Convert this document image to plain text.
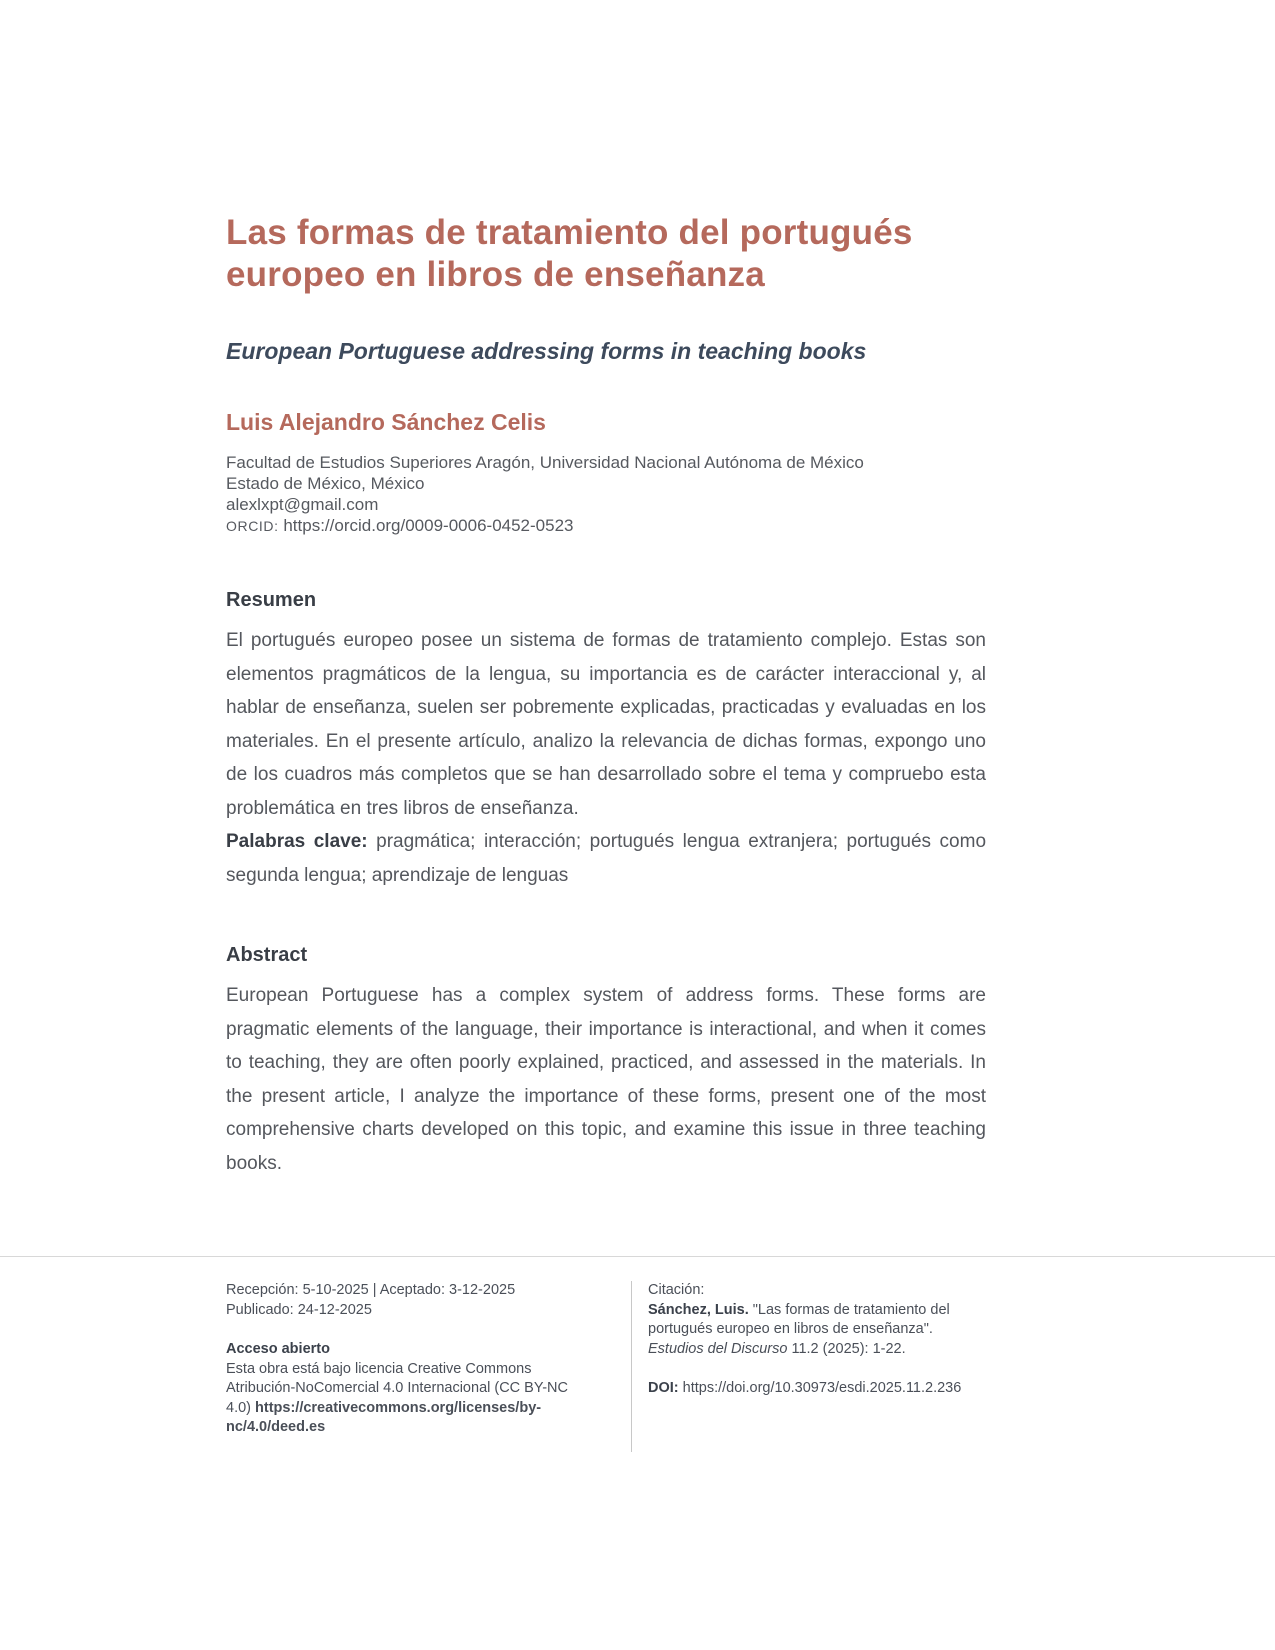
Las formas de tratamiento del portugués europeo en libros de enseñanza
European Portuguese addressing forms in teaching books
Luis Alejandro Sánchez Celis
Facultad de Estudios Superiores Aragón, Universidad Nacional Autónoma de México
Estado de México, México
alexlxpt@gmail.com
ORCID: https://orcid.org/0009-0006-0452-0523
Resumen
El portugués europeo posee un sistema de formas de tratamiento complejo. Estas son elementos pragmáticos de la lengua, su importancia es de carácter interaccional y, al hablar de enseñanza, suelen ser pobremente explicadas, practicadas y evaluadas en los materiales. En el presente artículo, analizo la relevancia de dichas formas, expongo uno de los cuadros más completos que se han desarrollado sobre el tema y compruebo esta problemática en tres libros de enseñanza.
Palabras clave: pragmática; interacción; portugués lengua extranjera; portugués como segunda lengua; aprendizaje de lenguas
Abstract
European Portuguese has a complex system of address forms. These forms are pragmatic elements of the language, their importance is interactional, and when it comes to teaching, they are often poorly explained, practiced, and assessed in the materials. In the present article, I analyze the importance of these forms, present one of the most comprehensive charts developed on this topic, and examine this issue in three teaching books.
Recepción: 5-10-2025 | Aceptado: 3-12-2025
Publicado: 24-12-2025
Acceso abierto
Esta obra está bajo licencia Creative Commons Atribución-NoComercial 4.0 Internacional (CC BY-NC 4.0) https://creativecommons.org/licenses/by-nc/4.0/deed.es
Citación:
Sánchez, Luis. "Las formas de tratamiento del portugués europeo en libros de enseñanza". Estudios del Discurso 11.2 (2025): 1-22.
DOI: https://doi.org/10.30973/esdi.2025.11.2.236
